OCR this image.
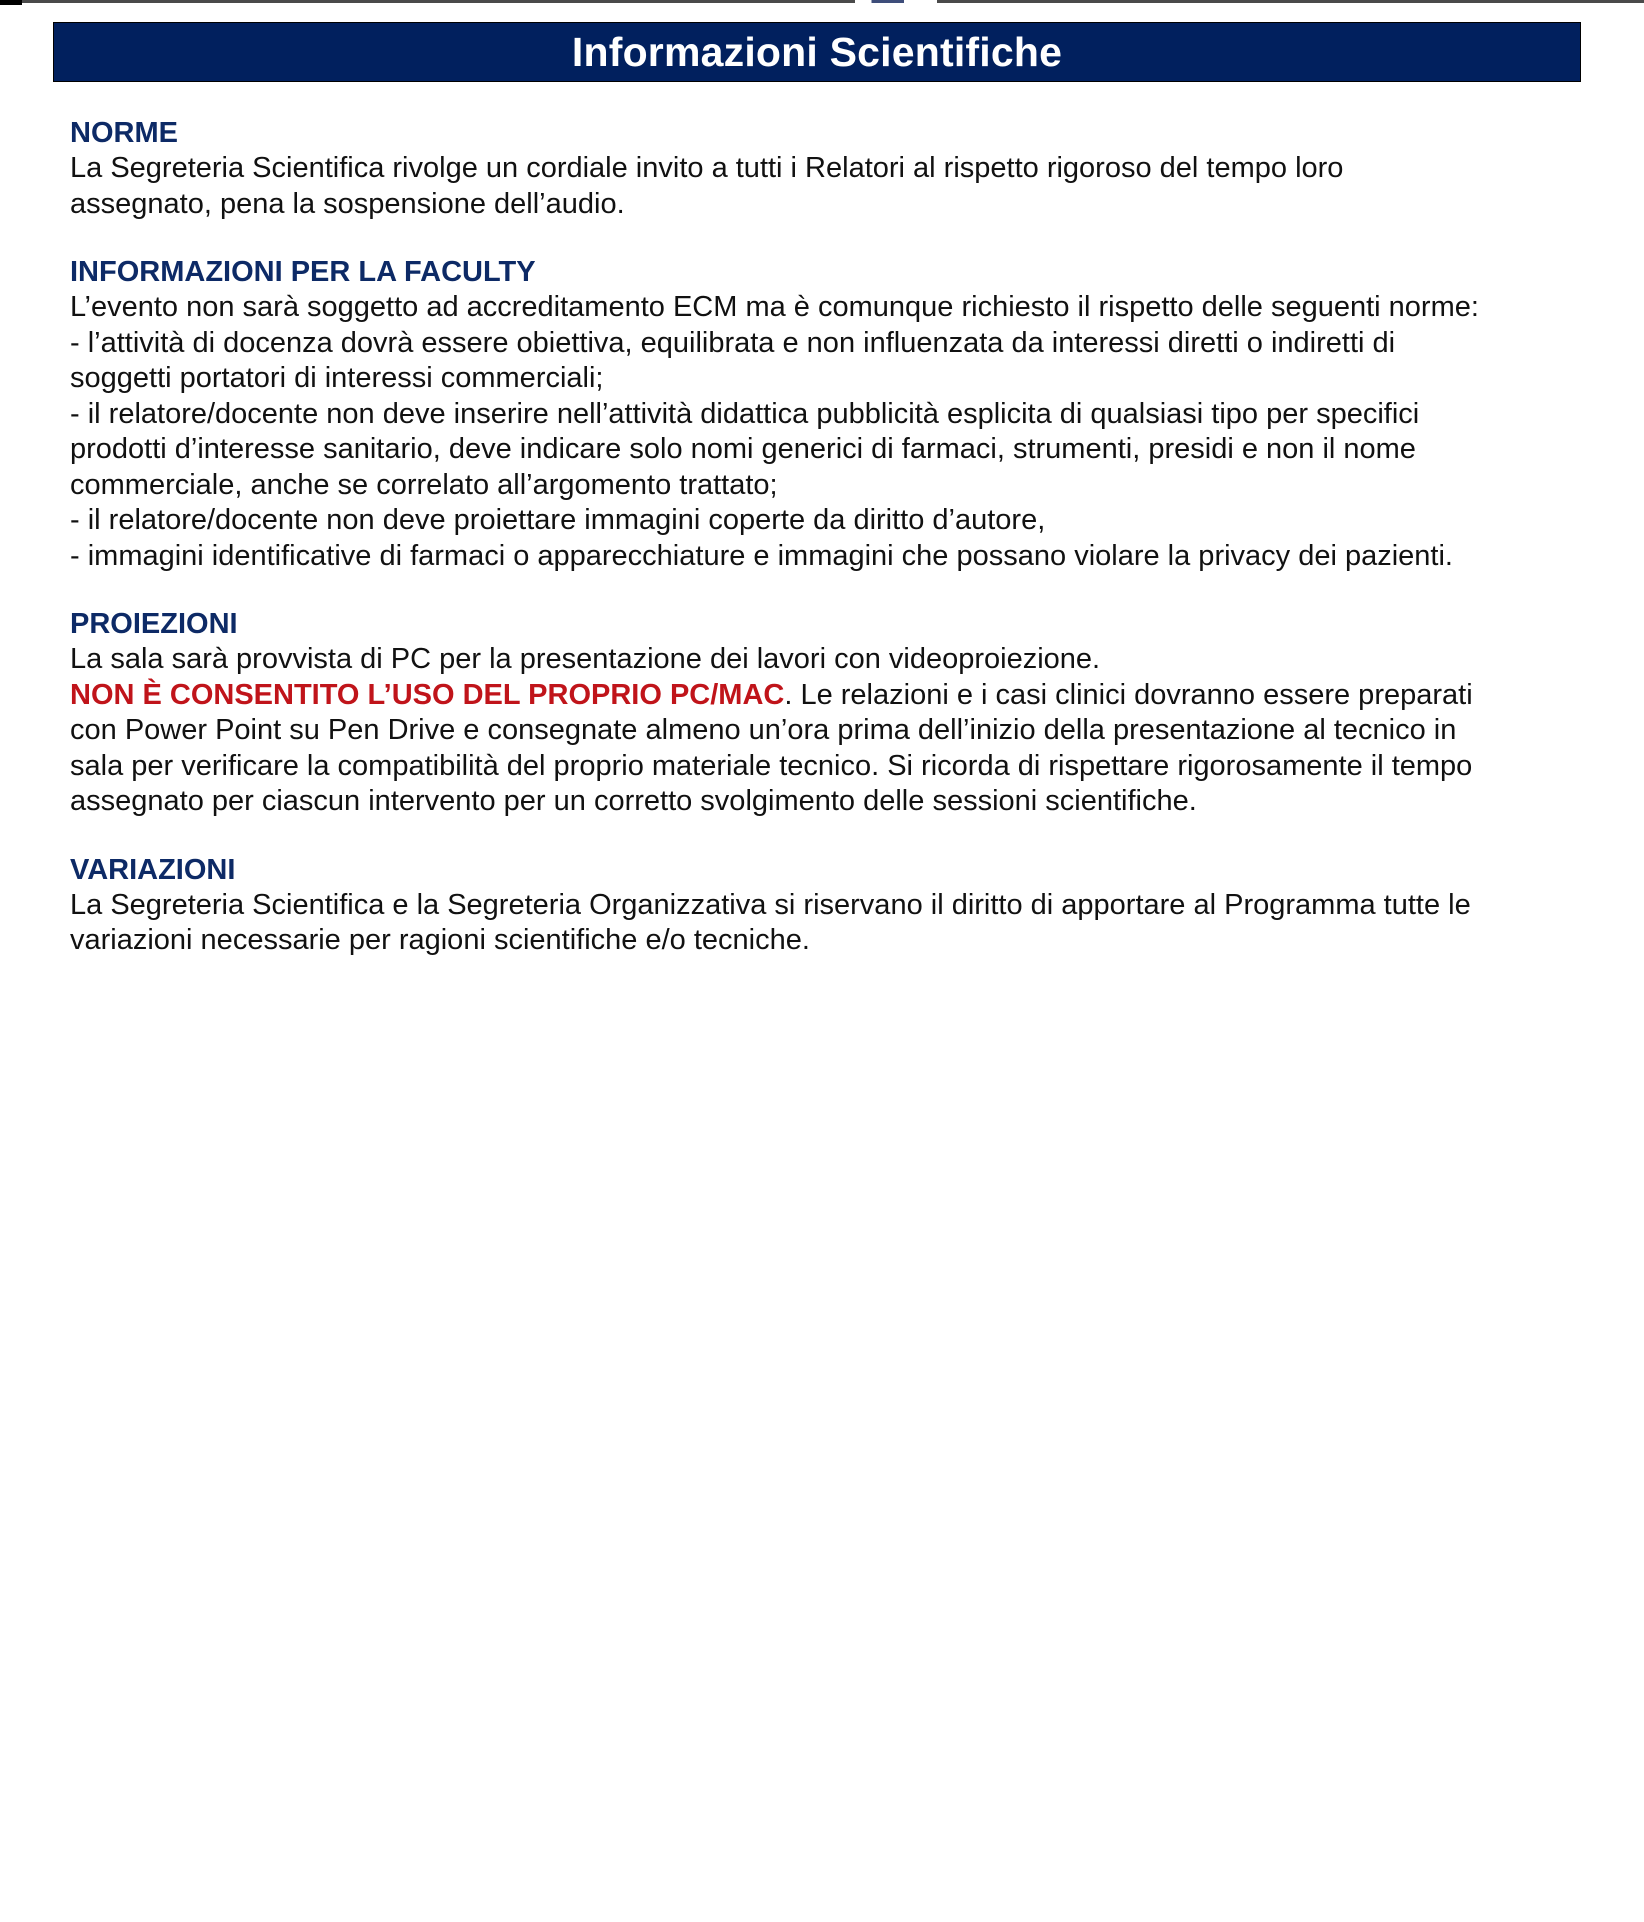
Informazioni Scientifiche

NORME

La Segreteria Scientifica rivolge un cordiale invito a tutti i Relatori al rispetto rigoroso del tempo loro
assegnato, pena la sospensione dell’audio.

INFORMAZIONI PER LA FACULTY

L’evento non sarà soggetto ad accreditamento ECM ma è comunque richiesto il rispetto delle seguenti norme:
- l’attività di docenza dovrà essere obiettiva, equilibrata e non influenzata da interessi diretti o indiretti di
soggetti portatori di interessi commerciali;
- il relatore/docente non deve inserire nell’attività didattica pubblicità esplicita di qualsiasi tipo per specifici
prodotti d’interesse sanitario, deve indicare solo nomi generici di farmaci, strumenti, presidi e non il nome
commerciale, anche se correlato all’argomento trattato;
- il relatore/docente non deve proiettare immagini coperte da diritto d’autore,
- immagini identificative di farmaci o apparecchiature e immagini che possano violare la privacy dei pazienti.

PROIEZIONI

La sala sarà provvista di PC per la presentazione dei lavori con videoproiezione.

NON È CONSENTITO L’USO DEL PROPRIO PC/MAC. Le relazioni e i casi clinici dovranno essere preparati
con Power Point su Pen Drive e consegnate almeno un’ora prima dell’inizio della presentazione al tecnico in
sala per verificare la compatibilità del proprio materiale tecnico. Si ricorda di rispettare rigorosamente il tempo
assegnato per ciascun intervento per un corretto svolgimento delle sessioni scientifiche.

VARIAZIONI

La Segreteria Scientifica e la Segreteria Organizzativa si riservano il diritto di apportare al Programma tutte le
variazioni necessarie per ragioni scientifiche e/o tecniche.
